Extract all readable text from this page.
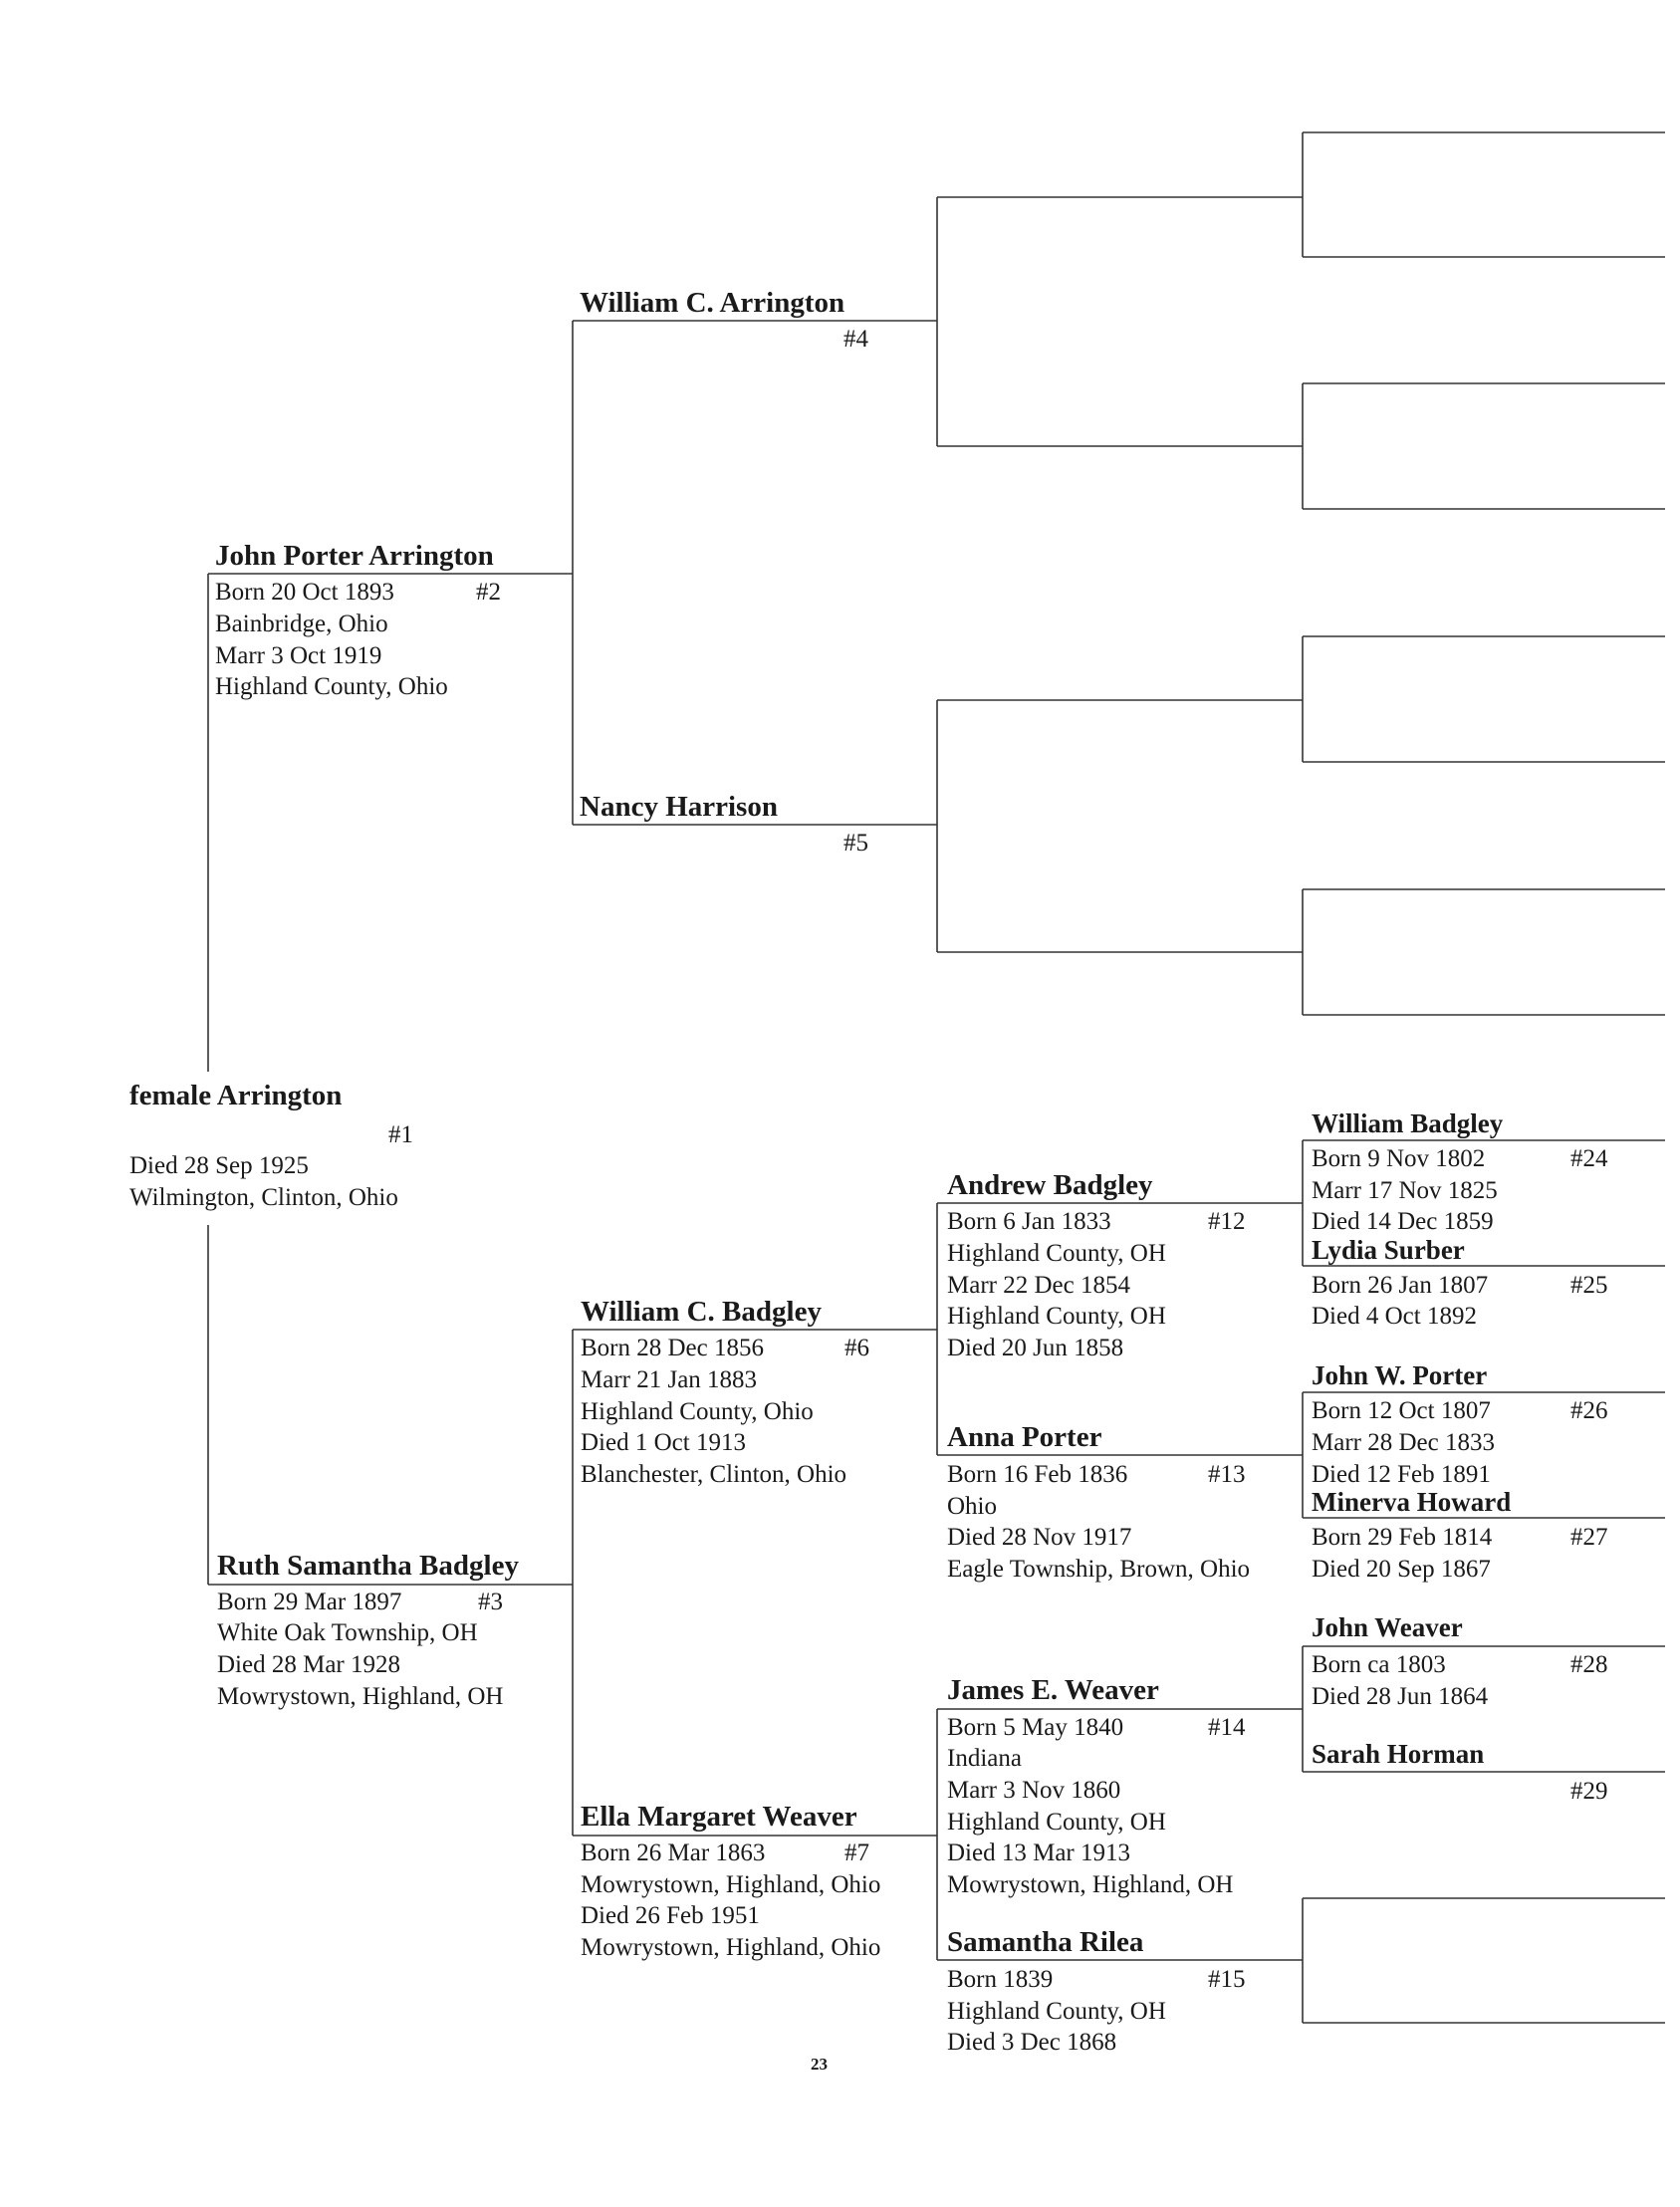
female Arrington
#1
Died 28 Sep 1925
Wilmington, Clinton, Ohio
John Porter Arrington
#2
Born 20 Oct 1893
Bainbridge, Ohio
Marr 3 Oct 1919
Highland County, Ohio
Ruth Samantha Badgley
#3
Born 29 Mar 1897
White Oak Township, OH
Died 28 Mar 1928
Mowrystown, Highland, OH
William C. Arrington
#4
Nancy Harrison
#5
William C. Badgley
#6
Born 28 Dec 1856
Marr 21 Jan 1883
Highland County, Ohio
Died 1 Oct 1913
Blanchester, Clinton, Ohio
Ella Margaret Weaver
#7
Born 26 Mar 1863
Mowrystown, Highland, Ohio
Died 26 Feb 1951
Mowrystown, Highland, Ohio
Andrew Badgley
#12
Born 6 Jan 1833
Highland County, OH
Marr 22 Dec 1854
Highland County, OH
Died 20 Jun 1858
Anna Porter
#13
Born 16 Feb 1836
Ohio
Died 28 Nov 1917
Eagle Township, Brown, Ohio
James E. Weaver
#14
Born 5 May 1840
Indiana
Marr 3 Nov 1860
Highland County, OH
Died 13 Mar 1913
Mowrystown, Highland, OH
Samantha Rilea
#15
Born 1839
Highland County, OH
Died 3 Dec 1868
William Badgley
#24
Born 9 Nov 1802
Marr 17 Nov 1825
Died 14 Dec 1859
Lydia Surber
#25
Born 26 Jan 1807
Died 4 Oct 1892
John W. Porter
#26
Born 12 Oct 1807
Marr 28 Dec 1833
Died 12 Feb 1891
Minerva Howard
#27
Born 29 Feb 1814
Died 20 Sep 1867
John Weaver
#28
Born ca 1803
Died 28 Jun 1864
Sarah Horman
#29
23
